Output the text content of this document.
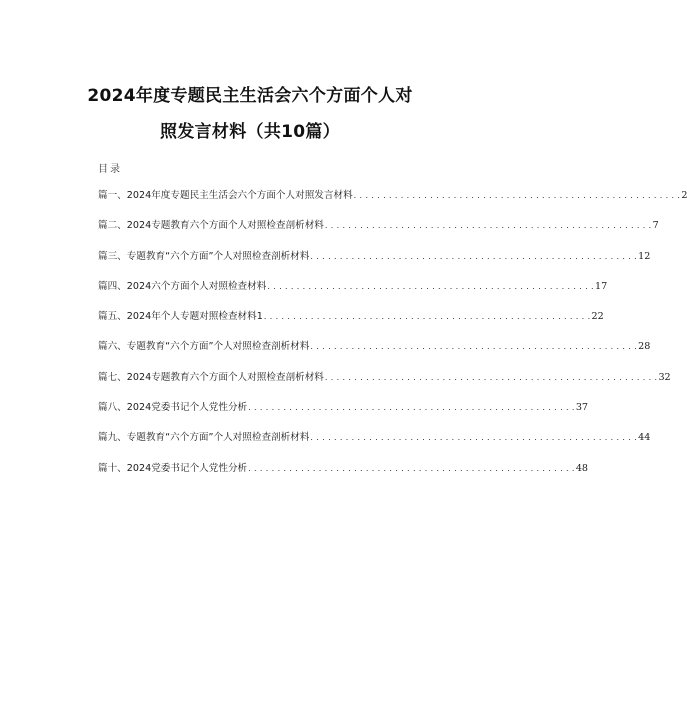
2024年度专题民主生活会六个方面个人对
照发言材料（共10篇）
目录
篇一、2024年度专题民主生活会六个方面个人对照发言材料 . . . . . . . . . . . . . . . . . . . . . . . . . . . . . . . . . . . . . . . . . . . . . . . . . . . . . . . . 2
篇二、2024专题教育六个方面个人对照检查剖析材料 . . . . . . . . . . . . . . . . . . . . . . . . . . . . . . . . . . . . . . . . . . . . . . . . . . . . . . . . 7
篇三、专题教育“六个方面”个人对照检查剖析材料 . . . . . . . . . . . . . . . . . . . . . . . . . . . . . . . . . . . . . . . . . . . . . . . . . . . . . . . . 12
篇四、2024六个方面个人对照检查材料 . . . . . . . . . . . . . . . . . . . . . . . . . . . . . . . . . . . . . . . . . . . . . . . . . . . . . . . . 17
篇五、2024年个人专题对照检查材料1 . . . . . . . . . . . . . . . . . . . . . . . . . . . . . . . . . . . . . . . . . . . . . . . . . . . . . . . . 22
篇六、专题教育“六个方面”个人对照检查剖析材料 . . . . . . . . . . . . . . . . . . . . . . . . . . . . . . . . . . . . . . . . . . . . . . . . . . . . . . . . 28
篇七、2024专题教育六个方面个人对照检查剖析材料 . . . . . . . . . . . . . . . . . . . . . . . . . . . . . . . . . . . . . . . . . . . . . . . . . . . . . . . . . 32
篇八、2024党委书记个人党性分析 . . . . . . . . . . . . . . . . . . . . . . . . . . . . . . . . . . . . . . . . . . . . . . . . . . . . . . . . 37
篇九、专题教育“六个方面”个人对照检查剖析材料 . . . . . . . . . . . . . . . . . . . . . . . . . . . . . . . . . . . . . . . . . . . . . . . . . . . . . . . . 44
篇十、2024党委书记个人党性分析 . . . . . . . . . . . . . . . . . . . . . . . . . . . . . . . . . . . . . . . . . . . . . . . . . . . . . . . . 48
